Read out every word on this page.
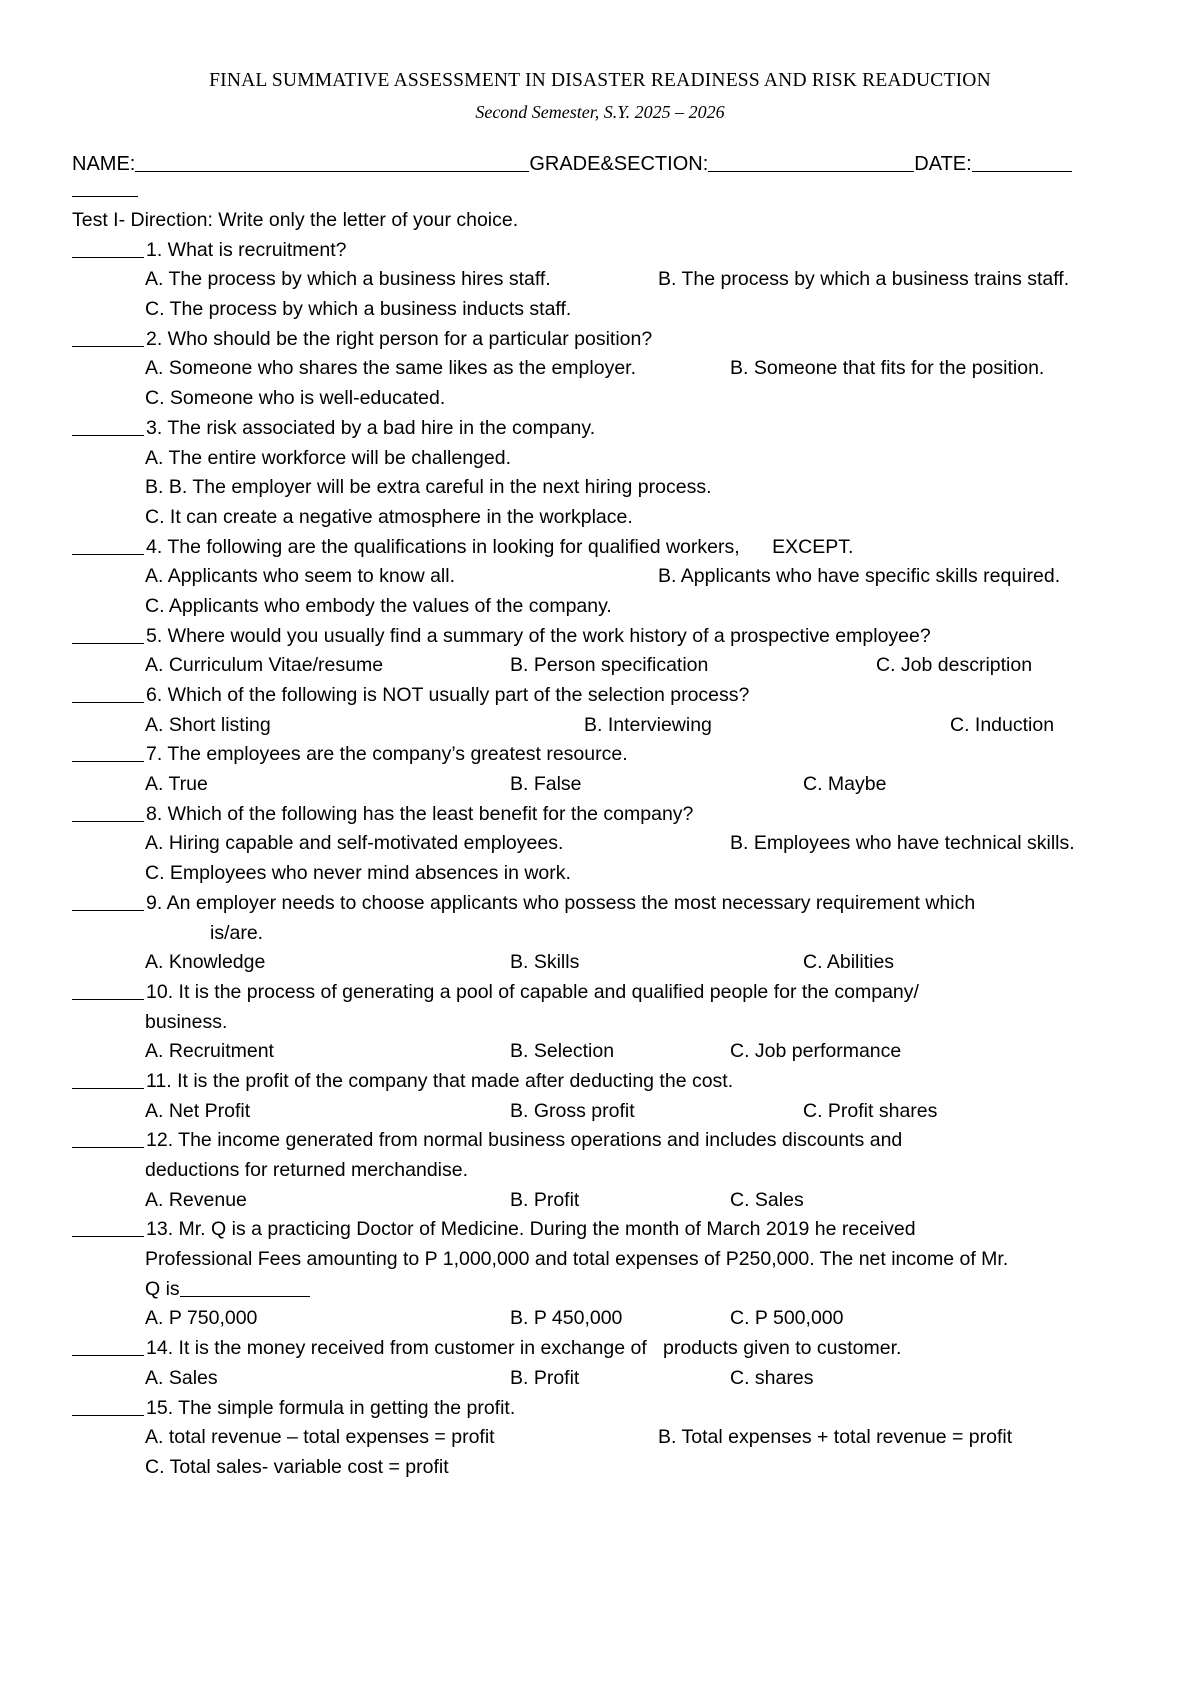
FINAL SUMMATIVE ASSESSMENT IN DISASTER READINESS AND RISK READUCTION
Second Semester, S.Y. 2025 – 2026
NAME:	GRADE&SECTION:	DATE:
Test I- Direction: Write only the letter of your choice.
1. What is recruitment?
A. The process by which a business hires staff.	B. The process by which a business trains staff.
C. The process by which a business inducts staff.
2. Who should be the right person for a particular position?
A. Someone who shares the same likes as the employer.	B. Someone that fits for the position.
C. Someone who is well-educated.
3. The risk associated by a bad hire in the company.
A. The entire workforce will be challenged.
B. B. The employer will be extra careful in the next hiring process.
C. It can create a negative atmosphere in the workplace.
4. The following are the qualifications in looking for qualified workers,      EXCEPT.
A. Applicants who seem to know all.	B. Applicants who have specific skills required.
C. Applicants who embody the values of the company.
5. Where would you usually find a summary of the work history of a prospective employee?
A. Curriculum Vitae/resume	B. Person specification	C. Job description
6. Which of the following is NOT usually part of the selection process?
A. Short listing	B. Interviewing	C. Induction
7. The employees are the company’s greatest resource.
A. True	B. False	C. Maybe
8. Which of the following has the least benefit for the company?
A. Hiring capable and self-motivated employees.	B. Employees who have technical skills.
C. Employees who never mind absences in work.
9. An employer needs to choose applicants who possess the most necessary requirement which
is/are.
A. Knowledge	B. Skills	C. Abilities
10. It is the process of generating a pool of capable and qualified people for the company/
business.
A. Recruitment	B. Selection	C. Job performance
11. It is the profit of the company that made after deducting the cost.
A. Net Profit	B. Gross profit	C. Profit shares
12. The income generated from normal business operations and includes discounts and
deductions for returned merchandise.
A. Revenue	B. Profit	C. Sales
13. Mr. Q is a practicing Doctor of Medicine. During the month of March 2019 he received
Professional Fees amounting to P 1,000,000 and total expenses of P250,000. The net income of Mr.
Q is
A. P 750,000	B. P 450,000	C. P 500,000
14. It is the money received from customer in exchange of   products given to customer.
A. Sales	B. Profit	C. shares
15. The simple formula in getting the profit.
A. total revenue – total expenses = profit	B. Total expenses + total revenue = profit
C. Total sales- variable cost = profit
